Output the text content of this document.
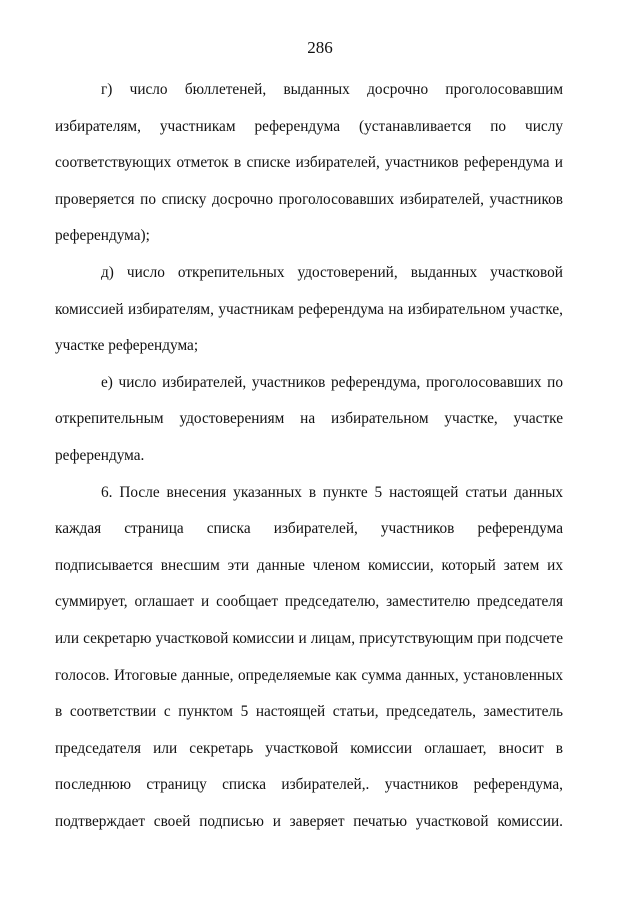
286
г) число бюллетеней, выданных досрочно проголосовавшим
избирателям, участникам референдума (устанавливается по числу
соответствующих отметок в списке избирателей, участников референдума и
проверяется по списку досрочно проголосовавших избирателей, участников
референдума);
д) число открепительных удостоверений, выданных участковой
комиссией избирателям, участникам референдума на избирательном участке,
участке референдума;
е) число избирателей, участников референдума, проголосовавших по
открепительным удостоверениям на избирательном участке, участке
референдума.
6. После внесения указанных в пункте 5 настоящей статьи данных
каждая страница списка избирателей, участников референдума
подписывается внесшим эти данные членом комиссии, который затем их
суммирует, оглашает и сообщает председателю, заместителю председателя
или секретарю участковой комиссии и лицам, присутствующим при подсчете
голосов. Итоговые данные, определяемые как сумма данных, установленных
в соответствии с пунктом 5 настоящей статьи, председатель, заместитель
председателя или секретарь участковой комиссии оглашает, вносит в
последнюю страницу списка избирателей,. участников референдума,
подтверждает своей подписью и заверяет печатью участковой комиссии.
